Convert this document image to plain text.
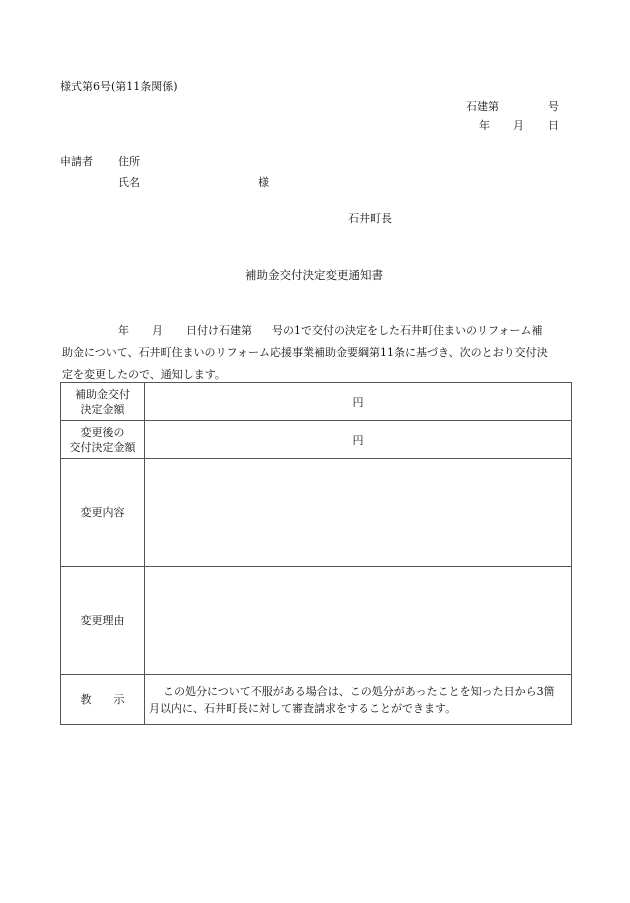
様式第6号(第11条関係)
石建第	号
年 月 日
申請者 住所
氏名	様
石井町長
補助金交付決定変更通知書
年 月 日付け石建第 号の1で交付の決定をした石井町住まいのリフォーム補
助金について、石井町住まいのリフォーム応援事業補助金要綱第11条に基づき、次のとおり交付決
定を変更したので、通知します。
補助金交付
決定金額	円

変更後の
交付決定金額	円
変更内容	
変更理由	
教　　示	この処分について不服がある場合は、この処分があったことを知った日から3箇
月以内に、石井町長に対して審査請求をすることができます。
